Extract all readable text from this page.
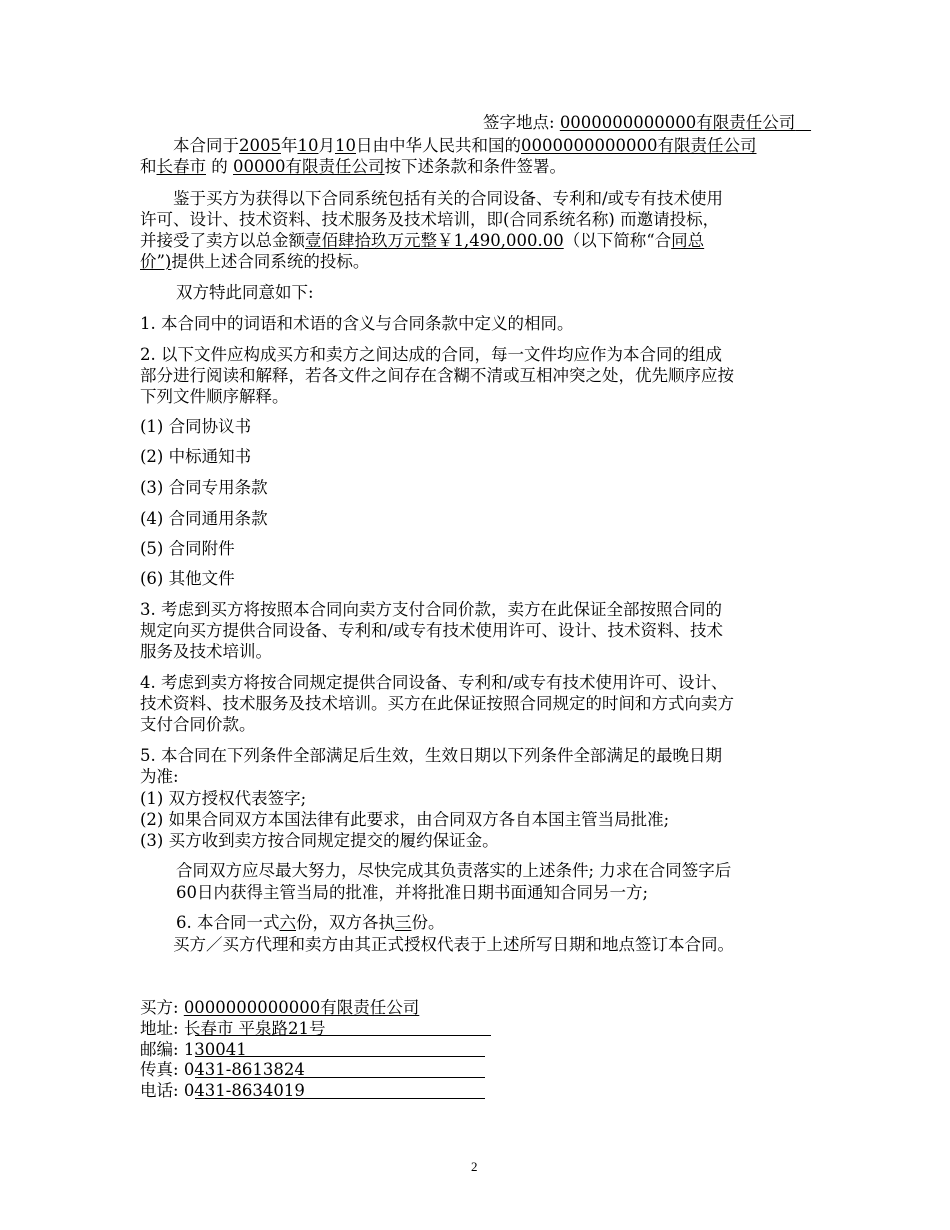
签字地点: 0000000000000有限责任公司
本合同于2005年10月10日由中华人民共和国的0000000000000有限责任公司
和长春市 的 00000有限责任公司按下述条款和条件签署。
鉴于买方为获得以下合同系统包括有关的合同设备、专利和/或专有技术使用
许可、设计、技术资料、技术服务及技术培训，即(合同系统名称) 而邀请投标，
并接受了卖方以总金额壹佰肆拾玖万元整￥1,490,000.00（以下简称“合同总
价”)提供上述合同系统的投标。
双方特此同意如下:
1. 本合同中的词语和术语的含义与合同条款中定义的相同。
2. 以下文件应构成买方和卖方之间达成的合同，每一文件均应作为本合同的组成
部分进行阅读和解释，若各文件之间存在含糊不清或互相冲突之处，优先顺序应按
下列文件顺序解释。
(1) 合同协议书
(2) 中标通知书
(3) 合同专用条款
(4) 合同通用条款
(5) 合同附件
(6) 其他文件
3. 考虑到买方将按照本合同向卖方支付合同价款，卖方在此保证全部按照合同的
规定向买方提供合同设备、专利和/或专有技术使用许可、设计、技术资料、技术
服务及技术培训。
4. 考虑到卖方将按合同规定提供合同设备、专利和/或专有技术使用许可、设计、
技术资料、技术服务及技术培训。买方在此保证按照合同规定的时间和方式向卖方
支付合同价款。
5. 本合同在下列条件全部满足后生效，生效日期以下列条件全部满足的最晚日期
为准:
(1) 双方授权代表签字;
(2) 如果合同双方本国法律有此要求，由合同双方各自本国主管当局批准;
(3) 买方收到卖方按合同规定提交的履约保证金。
合同双方应尽最大努力，尽快完成其负责落实的上述条件; 力求在合同签字后
60日内获得主管当局的批准，并将批准日期书面通知合同另一方;
6. 本合同一式六份，双方各执三份。
买方／买方代理和卖方由其正式授权代表于上述所写日期和地点签订本合同。
买方: 0000000000000有限责任公司
地址: 长春市 平泉路21号
邮编: 130041
传真: 0431-8613824
电话: 0431-8634019
2
